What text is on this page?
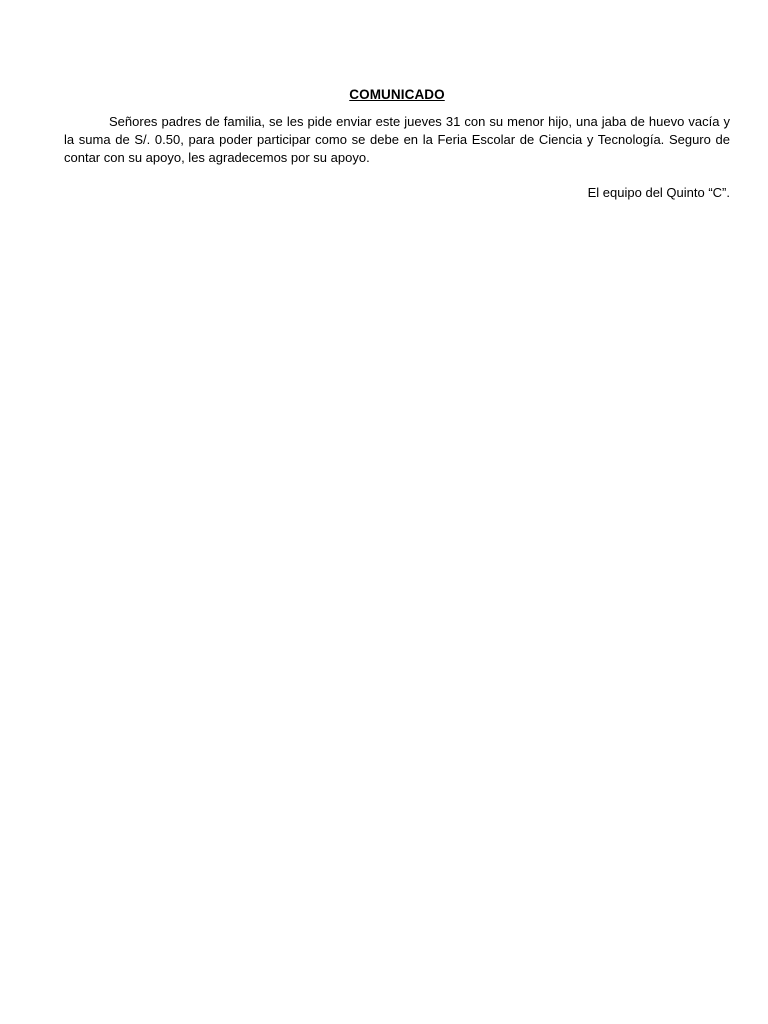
COMUNICADO

Señores padres de familia, se les pide enviar este jueves 31 con su menor hijo, una jaba de huevo vacía y la suma de S/. 0.50, para poder participar como se debe en la Feria Escolar de Ciencia y Tecnología. Seguro de contar con su apoyo, les agradecemos por su apoyo.

El equipo del Quinto “C”.
